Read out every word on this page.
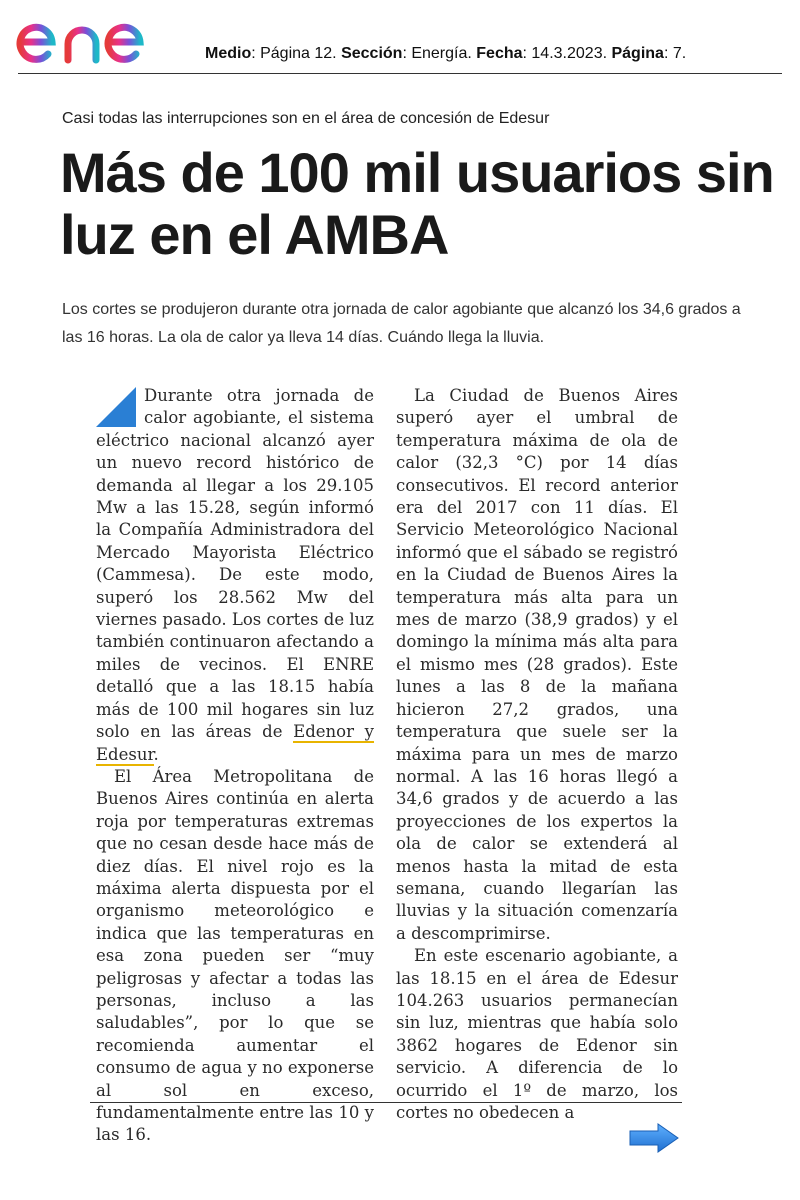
Medio: Página 12. Sección: Energía. Fecha: 14.3.2023. Página: 7.
Casi todas las interrupciones son en el área de concesión de Edesur
Más de 100 mil usuarios sin luz en el AMBA
Los cortes se produjeron durante otra jornada de calor agobiante que alcanzó los 34,6 grados a las 16 horas. La ola de calor ya lleva 14 días. Cuándo llega la lluvia.

Durante otra jornada de calor agobiante, el sistema eléctrico nacional alcanzó ayer un nuevo record histórico de demanda al llegar a los 29.105 Mw a las 15.28, según informó la Compañía Administradora del Mercado Mayorista Eléctrico (Cammesa). De este modo, superó los 28.562 Mw del viernes pasado. Los cortes de luz también continuaron afectando a miles de vecinos. El ENRE detalló que a las 18.15 había más de 100 mil hogares sin luz solo en las áreas de Edenor y Edesur.

El Área Metropolitana de Buenos Aires continúa en alerta roja por temperaturas extremas que no cesan desde hace más de diez días. El nivel rojo es la máxima alerta dispuesta por el organismo meteorológico e indica que las temperaturas en esa zona pueden ser “muy peligrosas y afectar a todas las personas, incluso a las saludables”, por lo que se recomienda aumentar el consumo de agua y no exponerse al sol en exceso, fundamentalmente entre las 10 y las 16.

La Ciudad de Buenos Aires superó ayer el umbral de temperatura máxima de ola de calor (32,3 °C) por 14 días consecutivos. El record anterior era del 2017 con 11 días. El Servicio Meteorológico Nacional informó que el sábado se registró en la Ciudad de Buenos Aires la temperatura más alta para un mes de marzo (38,9 grados) y el domingo la mínima más alta para el mismo mes (28 grados). Este lunes a las 8 de la mañana hicieron 27,2 grados, una temperatura que suele ser la máxima para un mes de marzo normal. A las 16 horas llegó a 34,6 grados y de acuerdo a las proyecciones de los expertos la ola de calor se extenderá al menos hasta la mitad de esta semana, cuando llegarían las lluvias y la situación comenzaría a descomprimirse.

En este escenario agobiante, a las 18.15 en el área de Edesur 104.263 usuarios permanecían sin luz, mientras que había solo 3862 hogares de Edenor sin servicio. A diferencia de lo ocurrido el 1º de marzo, los cortes no obedecen a
